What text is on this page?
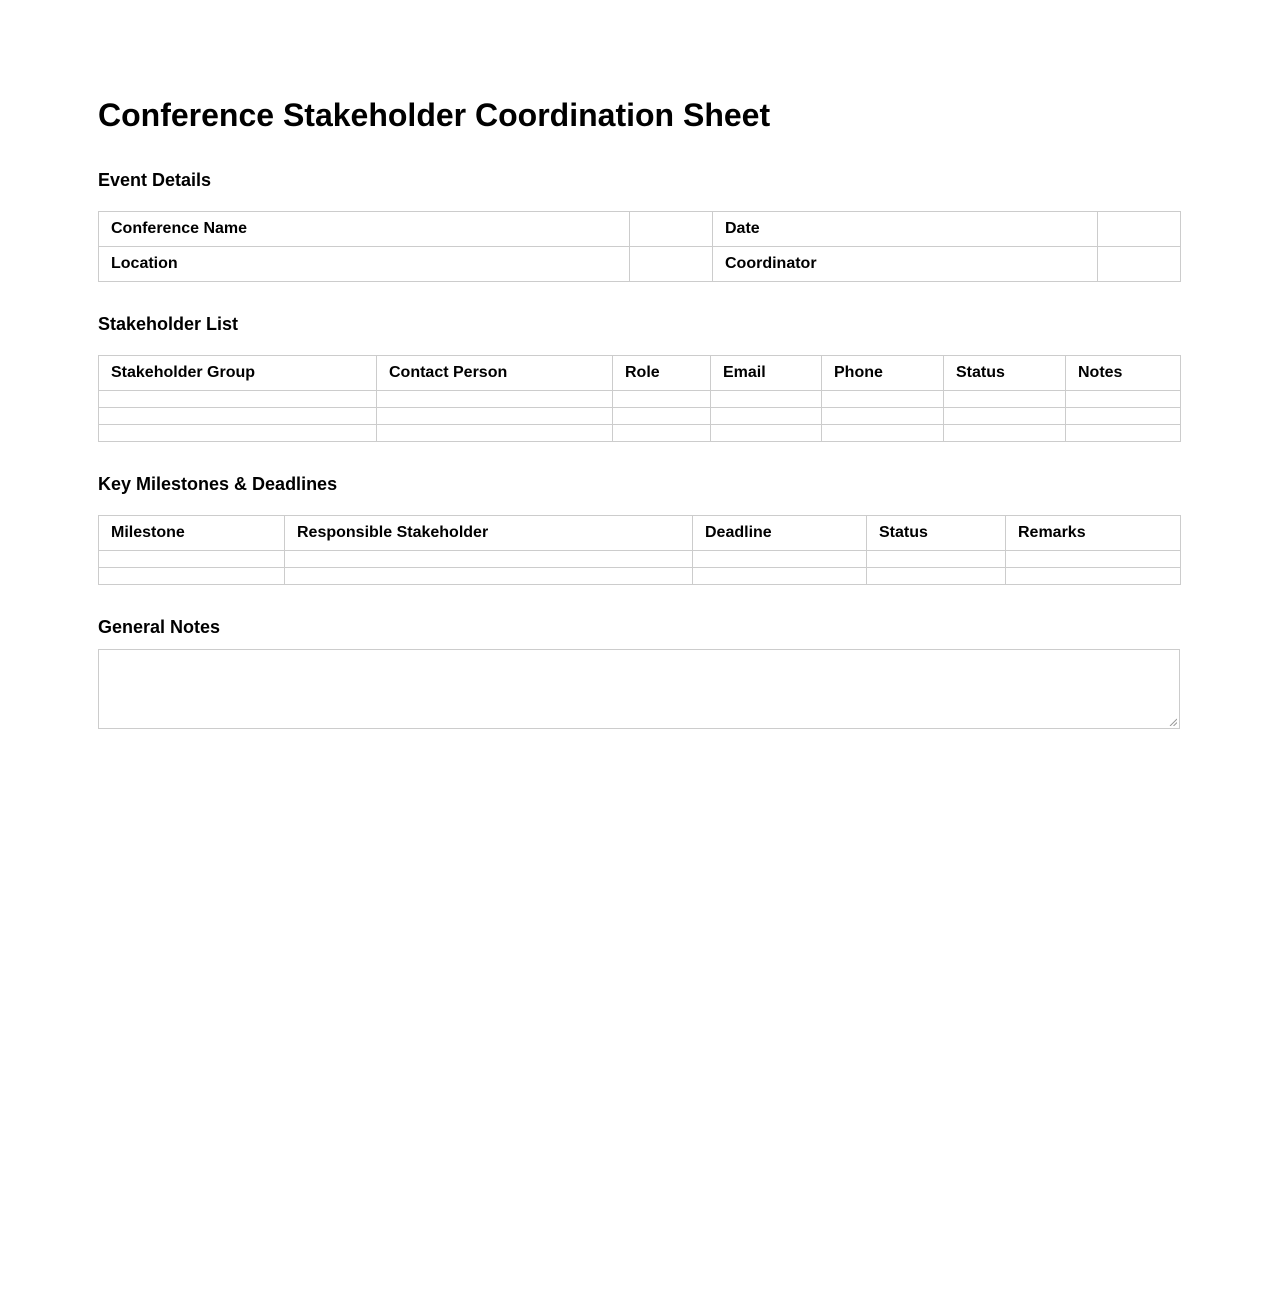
Conference Stakeholder Coordination Sheet
Event Details
Conference Name		Date	
Location		Coordinator	
Stakeholder List
Stakeholder Group	Contact Person	Role	Email	Phone	Status	Notes

Key Milestones & Deadlines
Milestone	Responsible Stakeholder	Deadline	Status	Remarks

General Notes
